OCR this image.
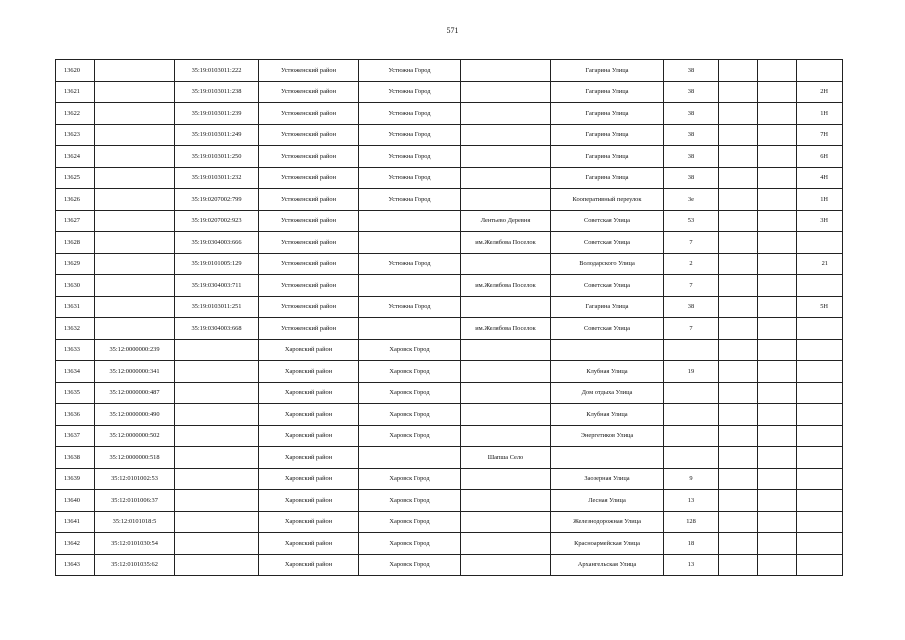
571
13620		35:19:0103011:222	Устюженский район	Устюжна Город		Гагарина Улица	38			
13621		35:19:0103011:238	Устюженский район	Устюжна Город		Гагарина Улица	38			2Н
13622		35:19:0103011:239	Устюженский район	Устюжна Город		Гагарина Улица	38			1Н
13623		35:19:0103011:249	Устюженский район	Устюжна Город		Гагарина Улица	38			7Н
13624		35:19:0103011:250	Устюженский район	Устюжна Город		Гагарина Улица	38			6Н
13625		35:19:0103011:232	Устюженский район	Устюжна Город		Гагарина Улица	38			4Н
13626		35:19:0207002:799	Устюженский район	Устюжна Город		Кооперативный переулок	3е			1Н
13627		35:19:0207002:923	Устюженский район		Лентьево Деревня	Советская Улица	53			3Н
13628		35:19:0304003:666	Устюженский район		им.Желябова Поселок	Советская Улица	7			
13629		35:19:0101005:129	Устюженский район	Устюжна Город		Володарского Улица	2			21
13630		35:19:0304003:711	Устюженский район		им.Желябова Поселок	Советская Улица	7			
13631		35:19:0103011:251	Устюженский район	Устюжна Город		Гагарина Улица	38			5Н
13632		35:19:0304003:668	Устюженский район		им.Желябова Поселок	Советская Улица	7			
13633	35:12:0000000:239		Харовский район	Харовск Город						
13634	35:12:0000000:341		Харовский район	Харовск Город		Клубная Улица	19			
13635	35:12:0000000:487		Харовский район	Харовск Город		Дом отдыха Улица				
13636	35:12:0000000:490		Харовский район	Харовск Город		Клубная Улица				
13637	35:12:0000000:502		Харовский район	Харовск Город		Энергетиков Улица				
13638	35:12:0000000:518		Харовский район		Шапша Село					
13639	35:12:0101002:53		Харовский район	Харовск Город		Заозерная Улица	9			
13640	35:12:0101006:37		Харовский район	Харовск Город		Лесная Улица	13			
13641	35:12:0101018:5		Харовский район	Харовск Город		Железнодорожная Улица	128			
13642	35:12:0101030:54		Харовский район	Харовск Город		Красноармейская Улица	18			
13643	35:12:0101035:62		Харовский район	Харовск Город		Архангельская Улица	13			
